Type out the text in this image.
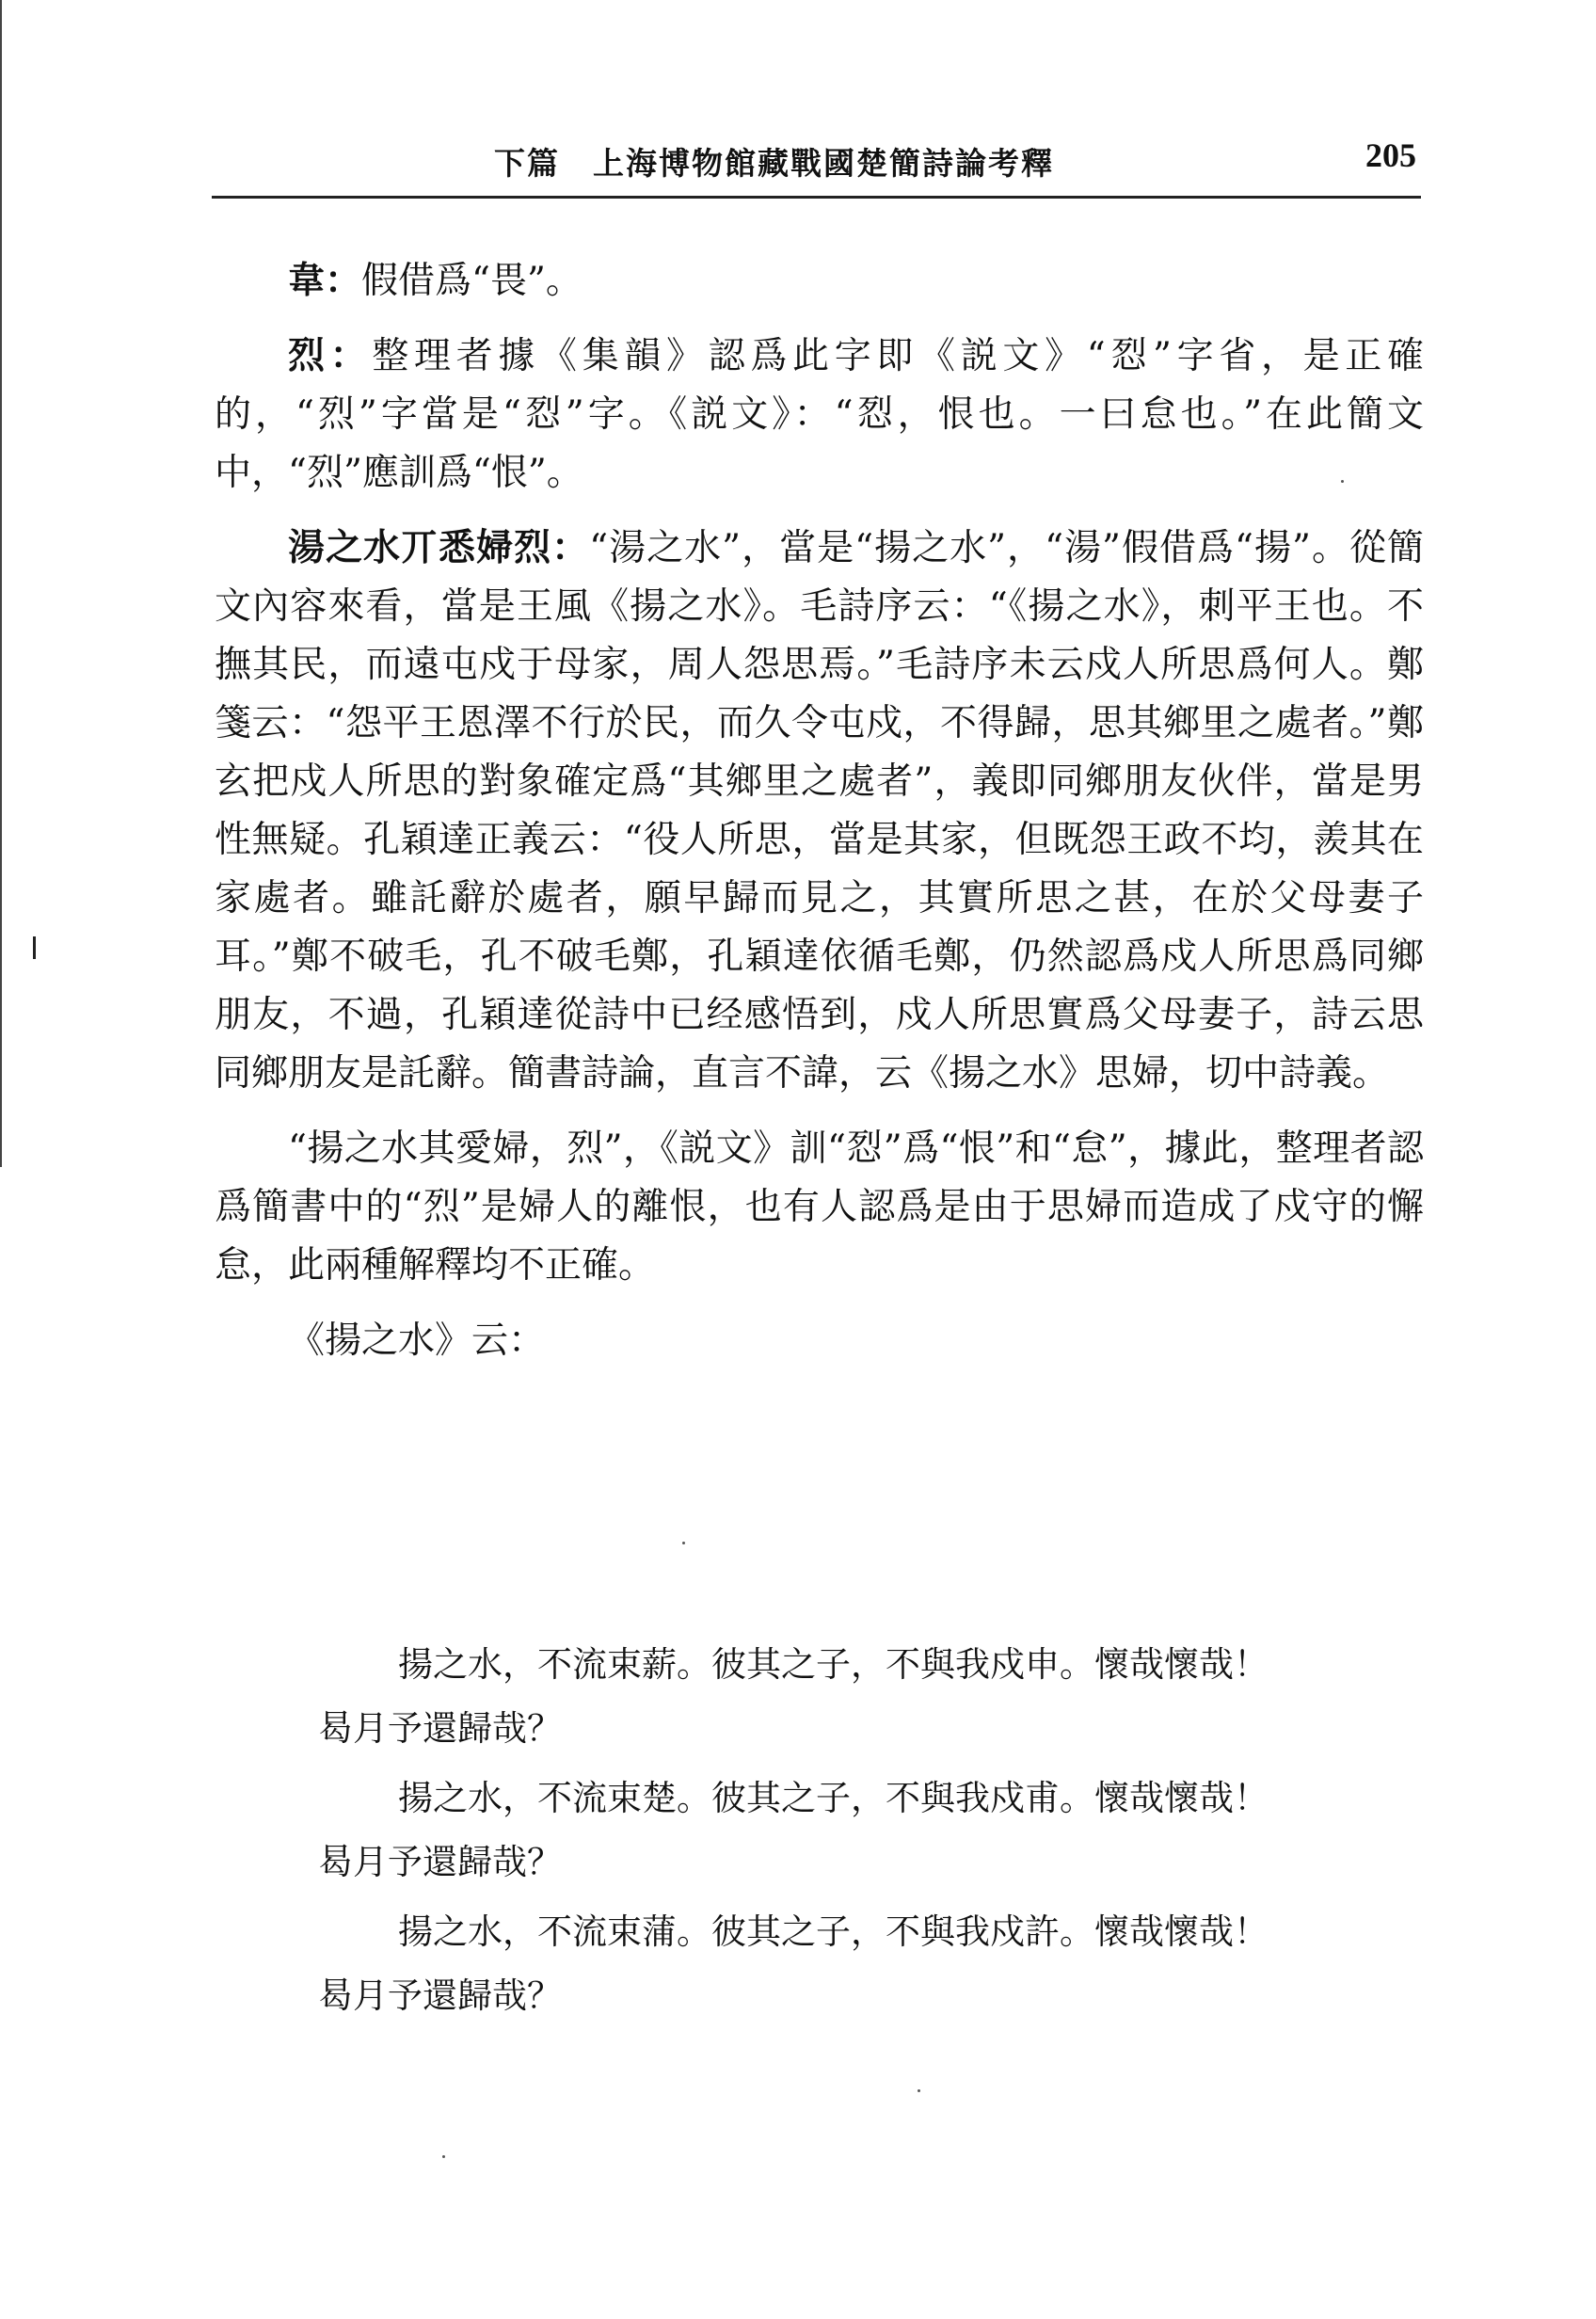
下篇　上海博物館藏戰國楚簡詩論考釋	205

韋：假借爲“畏”。

烈：整理者據《集韻》認爲此字即《説文》“㤠”字省，是正確的，“烈”字當是“㤠”字。《説文》：“㤠，恨也。一曰怠也。”在此簡文中，“烈”應訓爲“恨”。

湯之水丌悉婦烈：“湯之水”，當是“揚之水”，“湯”假借爲“揚”。從簡文內容來看，當是王風《揚之水》。毛詩序云：“《揚之水》，刺平王也。不撫其民，而遠屯戍于母家，周人怨思焉。”毛詩序未云戍人所思爲何人。鄭箋云：“怨平王恩澤不行於民，而久令屯戍，不得歸，思其鄉里之處者。”鄭玄把戍人所思的對象確定爲“其鄉里之處者”，義即同鄉朋友伙伴，當是男性無疑。孔穎達正義云：“役人所思，當是其家，但既怨王政不均，羨其在家處者。雖託辭於處者，願早歸而見之，其實所思之甚，在於父母妻子耳。”鄭不破毛，孔不破毛鄭，孔穎達依循毛鄭，仍然認爲戍人所思爲同鄉朋友，不過，孔穎達從詩中已经感悟到，戍人所思實爲父母妻子，詩云思同鄉朋友是託辭。簡書詩論，直言不諱，云《揚之水》思婦，切中詩義。

“揚之水其愛婦，烈”，《説文》訓“㤠”爲“恨”和“怠”，據此，整理者認爲簡書中的“烈”是婦人的離恨，也有人認爲是由于思婦而造成了戍守的懈怠，此兩種解釋均不正確。

《揚之水》云：

揚之水，不流束薪。彼其之子，不與我戍申。懷哉懷哉！
曷月予還歸哉？
揚之水，不流束楚。彼其之子，不與我戍甫。懷哉懷哉！
曷月予還歸哉？
揚之水，不流束蒲。彼其之子，不與我戍許。懷哉懷哉！
曷月予還歸哉？
